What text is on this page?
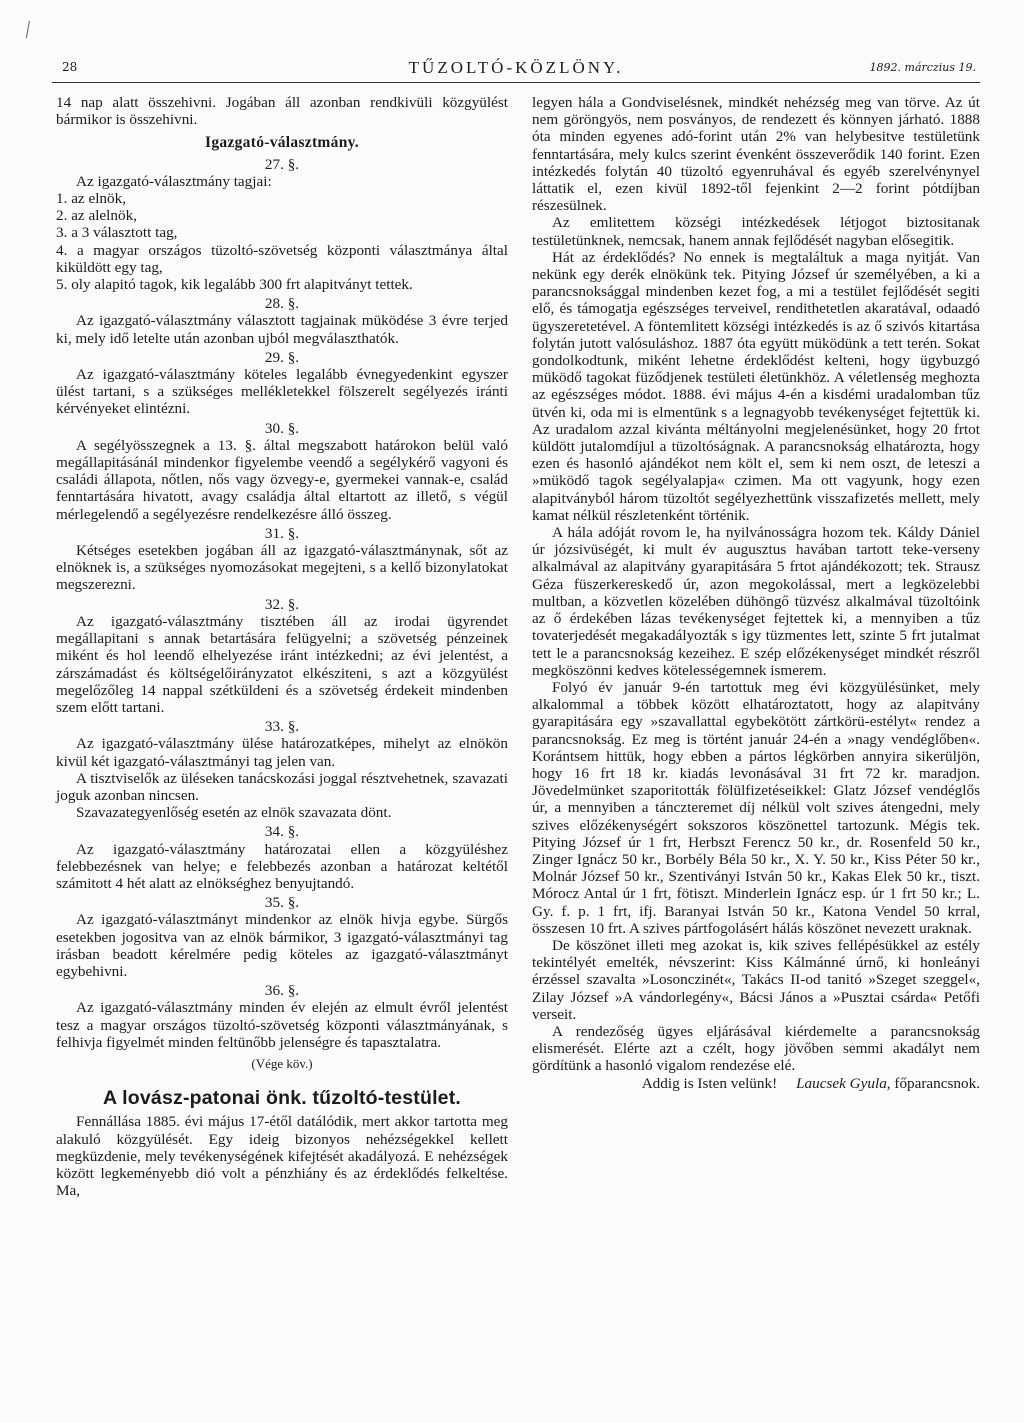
⟋
28	TŰZOLTÓ-KÖZLÖNY.	1892. márczius 19.

14 nap alatt összehivni. Jogában áll azonban rendkivüli közgyülést bármikor is összehivni.

Igazgató-választmány.
27. §.

Az igazgató-választmány tagjai:

1. az elnök,

2. az alelnök,

3. a 3 választott tag,

4. a magyar országos tüzoltó-szövetség központi választmánya által kiküldött egy tag,

5. oly alapitó tagok, kik legalább 300 frt alapitványt tettek.

28. §.

Az igazgató-választmány választott tagjainak müködése 3 évre terjed ki, mely idő letelte után azonban ujból megválaszthatók.

29. §.

Az igazgató-választmány köteles legalább évnegyedenkint egyszer ülést tartani, s a szükséges mellékletekkel fölszerelt segélyezés iránti kérvényeket elintézni.

30. §.

A segélyösszegnek a 13. §. által megszabott határokon belül való megállapitásánál mindenkor figyelembe veendő a segélykérő vagyoni és családi állapota, nőtlen, nős vagy özvegy-e, gyermekei vannak-e, család fenntartására hivatott, avagy családja által eltartott az illető, s végül mérlegelendő a segélyezésre rendelkezésre álló összeg.

31. §.

Kétséges esetekben jogában áll az igazgató-választmánynak, sőt az elnöknek is, a szükséges nyomozásokat megejteni, s a kellő bizonylatokat megszerezni.

32. §.

Az igazgató-választmány tisztében áll az irodai ügyrendet megállapitani s annak betartására felügyelni; a szövetség pénzeinek miként és hol leendő elhelyezése iránt intézkedni; az évi jelentést, a zárszámadást és költségelőirányzatot elkésziteni, s azt a közgyülést megelőzőleg 14 nappal szétküldeni és a szövetség érdekeit mindenben szem előtt tartani.

33. §.

Az igazgató-választmány ülése határozatképes, mihelyt az elnökön kivül két igazgató-választmányi tag jelen van.

A tisztviselők az üléseken tanácskozási joggal résztvehetnek, szavazati joguk azonban nincsen.

Szavazategyenlőség esetén az elnök szavazata dönt.

34. §.

Az igazgató-választmány határozatai ellen a közgyüléshez felebbezésnek van helye; e felebbezés azonban a határozat keltétől számitott 4 hét alatt az elnökséghez benyujtandó.

35. §.

Az igazgató-választmányt mindenkor az elnök hivja egybe. Sürgős esetekben jogositva van az elnök bármikor, 3 igazgató-választmányi tag irásban beadott kérelmére pedig köteles az igazgató-választmányt egybehivni.

36. §.

Az igazgató-választmány minden év elején az elmult évről jelentést tesz a magyar országos tüzoltó-szövetség központi választmányának, s felhivja figyelmét minden feltünőbb jelenségre és tapasztalatra.

(Vége köv.)
A lovász-patonai önk. tűzoltó-testület.

Fennállása 1885. évi május 17-étől datálódik, mert akkor tartotta meg alakuló közgyülését. Egy ideig bizonyos nehézségekkel kellett megküzdenie, mely tevékenységének kifejtését akadályozá. E nehézségek között legkeményebb dió volt a pénzhiány és az érdeklődés felkeltése. Ma,

legyen hála a Gondviselésnek, mindkét nehézség meg van törve. Az út nem göröngyös, nem posványos, de rendezett és könnyen járható. 1888 óta minden egyenes adó-forint után 2% van helybesitve testületünk fenntartására, mely kulcs szerint évenként összeverődik 140 forint. Ezen intézkedés folytán 40 tüzoltó egyenruhával és egyéb szerelvénynyel láttatik el, ezen kivül 1892-től fejenkint 2—2 forint pótdíjban részesülnek.

Az emlitettem községi intézkedések létjogot biztositanak testületünknek, nemcsak, hanem annak fejlődését nagyban elősegitik.

Hát az érdeklődés? No ennek is megtaláltuk a maga nyitját. Van nekünk egy derék elnökünk tek. Pitying József úr személyében, a ki a parancsnoksággal mindenben kezet fog, a mi a testület fejlődését segiti elő, és támogatja egészséges terveivel, rendithetetlen akaratával, odaadó ügyszeretetével. A föntemlitett községi intézkedés is az ő szivós kitartása folytán jutott valósuláshoz. 1887 óta együtt müködünk a tett terén. Sokat gondolkodtunk, miként lehetne érdeklődést kelteni, hogy ügybuzgó müködő tagokat füződjenek testületi életünkhöz. A véletlenség meghozta az egészséges módot. 1888. évi május 4-én a kisdémi uradalomban tűz ütvén ki, oda mi is elmentünk s a legnagyobb tevékenységet fejtettük ki. Az uradalom azzal kivánta méltányolni megjelenésünket, hogy 20 frtot küldött jutalomdíjul a tüzoltóságnak. A parancsnokság elhatározta, hogy ezen és hasonló ajándékot nem költ el, sem ki nem oszt, de leteszi a »müködő tagok segélyalapja« czimen. Ma ott vagyunk, hogy ezen alapitványból három tüzoltót segélyezhettünk visszafizetés mellett, mely kamat nélkül részletenként történik.

A hála adóját rovom le, ha nyilvánosságra hozom tek. Káldy Dániel úr józsivüségét, ki mult év augusztus havában tartott teke-verseny alkalmával az alapitvány gyarapitására 5 frtot ajándékozott; tek. Strausz Géza füszerkereskedő úr, azon megokolással, mert a legközelebbi multban, a közvetlen közelében dühöngő tüzvész alkalmával tüzoltóink az ő érdekében lázas tevékenységet fejtettek ki, a mennyiben a tűz tovaterjedését megakadályozták s igy tüzmentes lett, szinte 5 frt jutalmat tett le a parancsnokság kezeihez. E szép előzékenységet mindkét részről megköszönni kedves kötelességemnek ismerem.

Folyó év január 9-én tartottuk meg évi közgyülésünket, mely alkalommal a többek között elhatároztatott, hogy az alapitvány gyarapitására egy »szavallattal egybekötött zártkörü-estélyt« rendez a parancsnokság. Ez meg is történt január 24-én a »nagy vendéglőben«. Korántsem hittük, hogy ebben a pártos légkörben annyira sikerüljön, hogy 16 frt 18 kr. kiadás levonásával 31 frt 72 kr. maradjon. Jövedelmünket szaporitották fölülfizetéseikkel: Glatz József vendéglős úr, a mennyiben a tánczteremet díj nélkül volt szives átengedni, mely szives előzékenységért sokszoros köszönettel tartozunk. Mégis tek. Pitying József úr 1 frt, Herbszt Ferencz 50 kr., dr. Rosenfeld 50 kr., Zinger Ignácz 50 kr., Borbély Béla 50 kr., X. Y. 50 kr., Kiss Péter 50 kr., Molnár József 50 kr., Szentiványi István 50 kr., Kakas Elek 50 kr., tiszt. Mórocz Antal úr 1 frt, fötiszt. Minderlein Ignácz esp. úr 1 frt 50 kr.; L. Gy. f. p. 1 frt, ifj. Baranyai István 50 kr., Katona Vendel 50 krral, összesen 10 frt. A szives pártfogolásért hálás köszönet nevezett uraknak.

De köszönet illeti meg azokat is, kik szives fellépésükkel az estély tekintélyét emelték, névszerint: Kiss Kálmánné úrnő, ki honleányi érzéssel szavalta »Losonczinét«, Takács II-od tanitó »Szeget szeggel«, Zilay József »A vándorlegény«, Bácsi János a »Pusztai csárda« Petőfi verseit.

A rendezőség ügyes eljárásával kiérdemelte a parancsnokság elismerését. Elérte azt a czélt, hogy jövőben semmi akadályt nem gördítünk a hasonló vigalom rendezése elé.

Addig is Isten velünk! Laucsek Gyula, főparancsnok.
